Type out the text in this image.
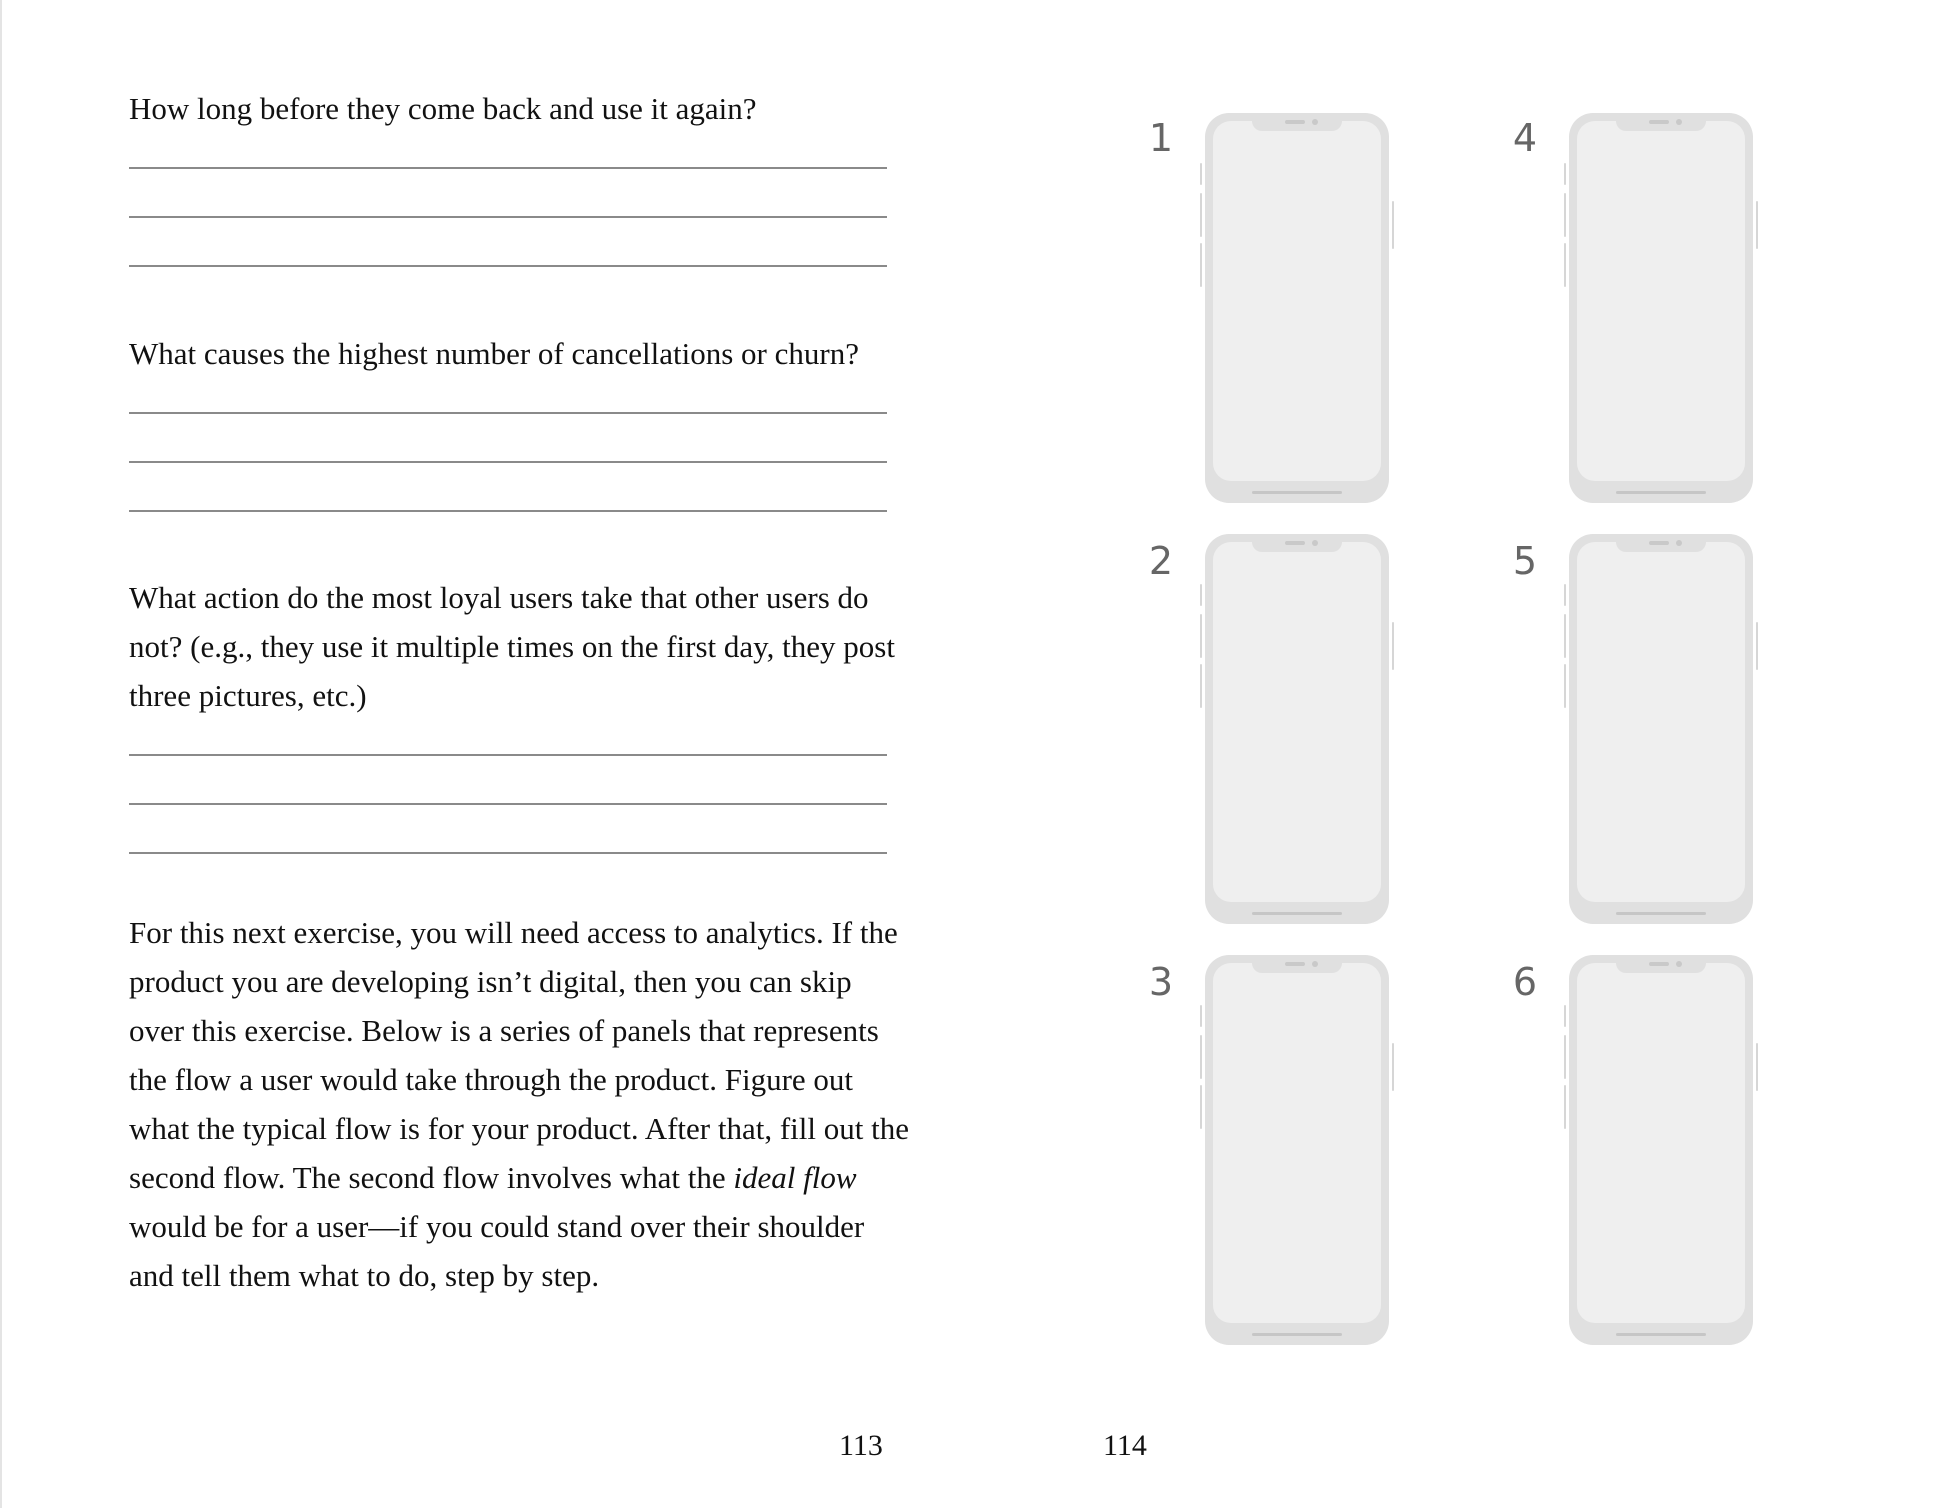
How long before they come back and use it again?

What causes the highest number of cancellations or churn?

What action do the most loyal users take that other users do not? (e.g., they use it multiple times on the first day, they post three pictures, etc.)

For this next exercise, you will need access to analytics. If the product you are developing isn’t digital, then you can skip over this exercise. Below is a series of panels that represents the flow a user would take through the product. Figure out what the typical flow is for your product. After that, fill out the second flow. The second flow involves what the ideal flow would be for a user—if you could stand over their shoulder and tell them what to do, step by step.

113
1
2
3
4
5
6
114
